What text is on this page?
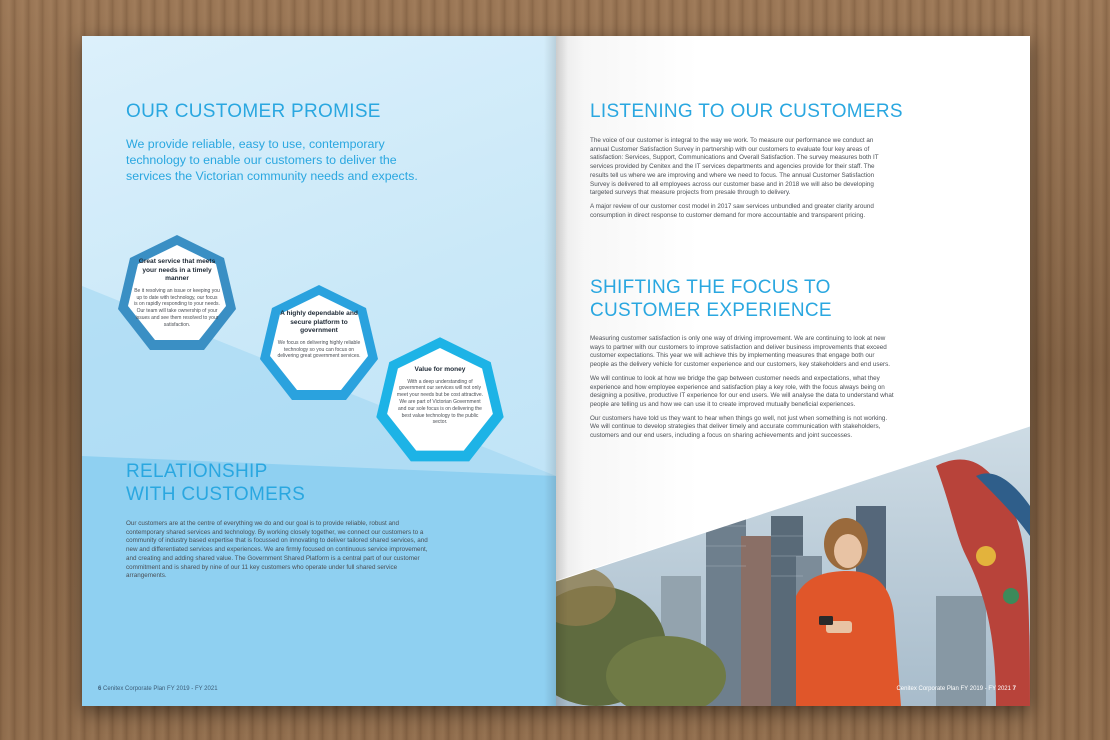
OUR CUSTOMER PROMISE
We provide reliable, easy to use, contemporary technology to enable our customers to deliver the services the Victorian community needs and expects.
Great service that meets your needs in a timely manner
Be it resolving an issue or keeping you up to date with technology, our focus is on rapidly responding to your needs. Our team will take ownership of your issues and see them resolved to your satisfaction.
A highly dependable and secure platform to government
We focus on delivering highly reliable technology so you can focus on delivering great government services.
Value for money
With a deep understanding of government our services will not only meet your needs but be cost attractive. We are part of Victorian Government and our sole focus is on delivering the best value technology to the public sector.
RELATIONSHIP
WITH CUSTOMERS
Our customers are at the centre of everything we do and our goal is to provide reliable, robust and contemporary shared services and technology. By working closely together, we connect our customers to a community of industry based expertise that is focussed on innovating to deliver tailored shared services, and new and differentiated services and experiences. We are firmly focused on continuous service improvement, and creating and adding shared value. The Government Shared Platform is a central part of our customer commitment and is shared by nine of our 11 key customers who operate under full shared service arrangements.
6 Cenitex Corporate Plan FY 2019 - FY 2021
LISTENING TO OUR CUSTOMERS

The voice of our customer is integral to the way we work. To measure our performance we conduct an annual Customer Satisfaction Survey in partnership with our customers to evaluate four key areas of satisfaction: Services, Support, Communications and Overall Satisfaction. The survey measures both IT services provided by Cenitex and the IT services departments and agencies provide for their staff. The results tell us where we are improving and where we need to focus. The annual Customer Satisfaction Survey is delivered to all employees across our customer base and in 2018 we will also be developing targeted surveys that measure projects from presale through to delivery.

A major review of our customer cost model in 2017 saw services unbundled and greater clarity around consumption in direct response to customer demand for more accountable and transparent pricing.

SHIFTING THE FOCUS TO
CUSTOMER EXPERIENCE

Measuring customer satisfaction is only one way of driving improvement. We are continuing to look at new ways to partner with our customers to improve satisfaction and deliver business improvements that exceed customer expectations. This year we will achieve this by implementing measures that engage both our people as the delivery vehicle for customer experience and our customers, key stakeholders and end users.

We will continue to look at how we bridge the gap between customer needs and expectations, what they experience and how employee experience and satisfaction play a key role, with the focus always being on designing a positive, productive IT experience for our end users. We will analyse the data to understand what people are telling us and how we can use it to create improved mutually beneficial experiences.

Our customers have told us they want to hear when things go well, not just when something is not working. We will continue to develop strategies that deliver timely and accurate communication with stakeholders, customers and our end users, including a focus on sharing achievements and joint successes.

Cenitex Corporate Plan FY 2019 - FY 2021 7
